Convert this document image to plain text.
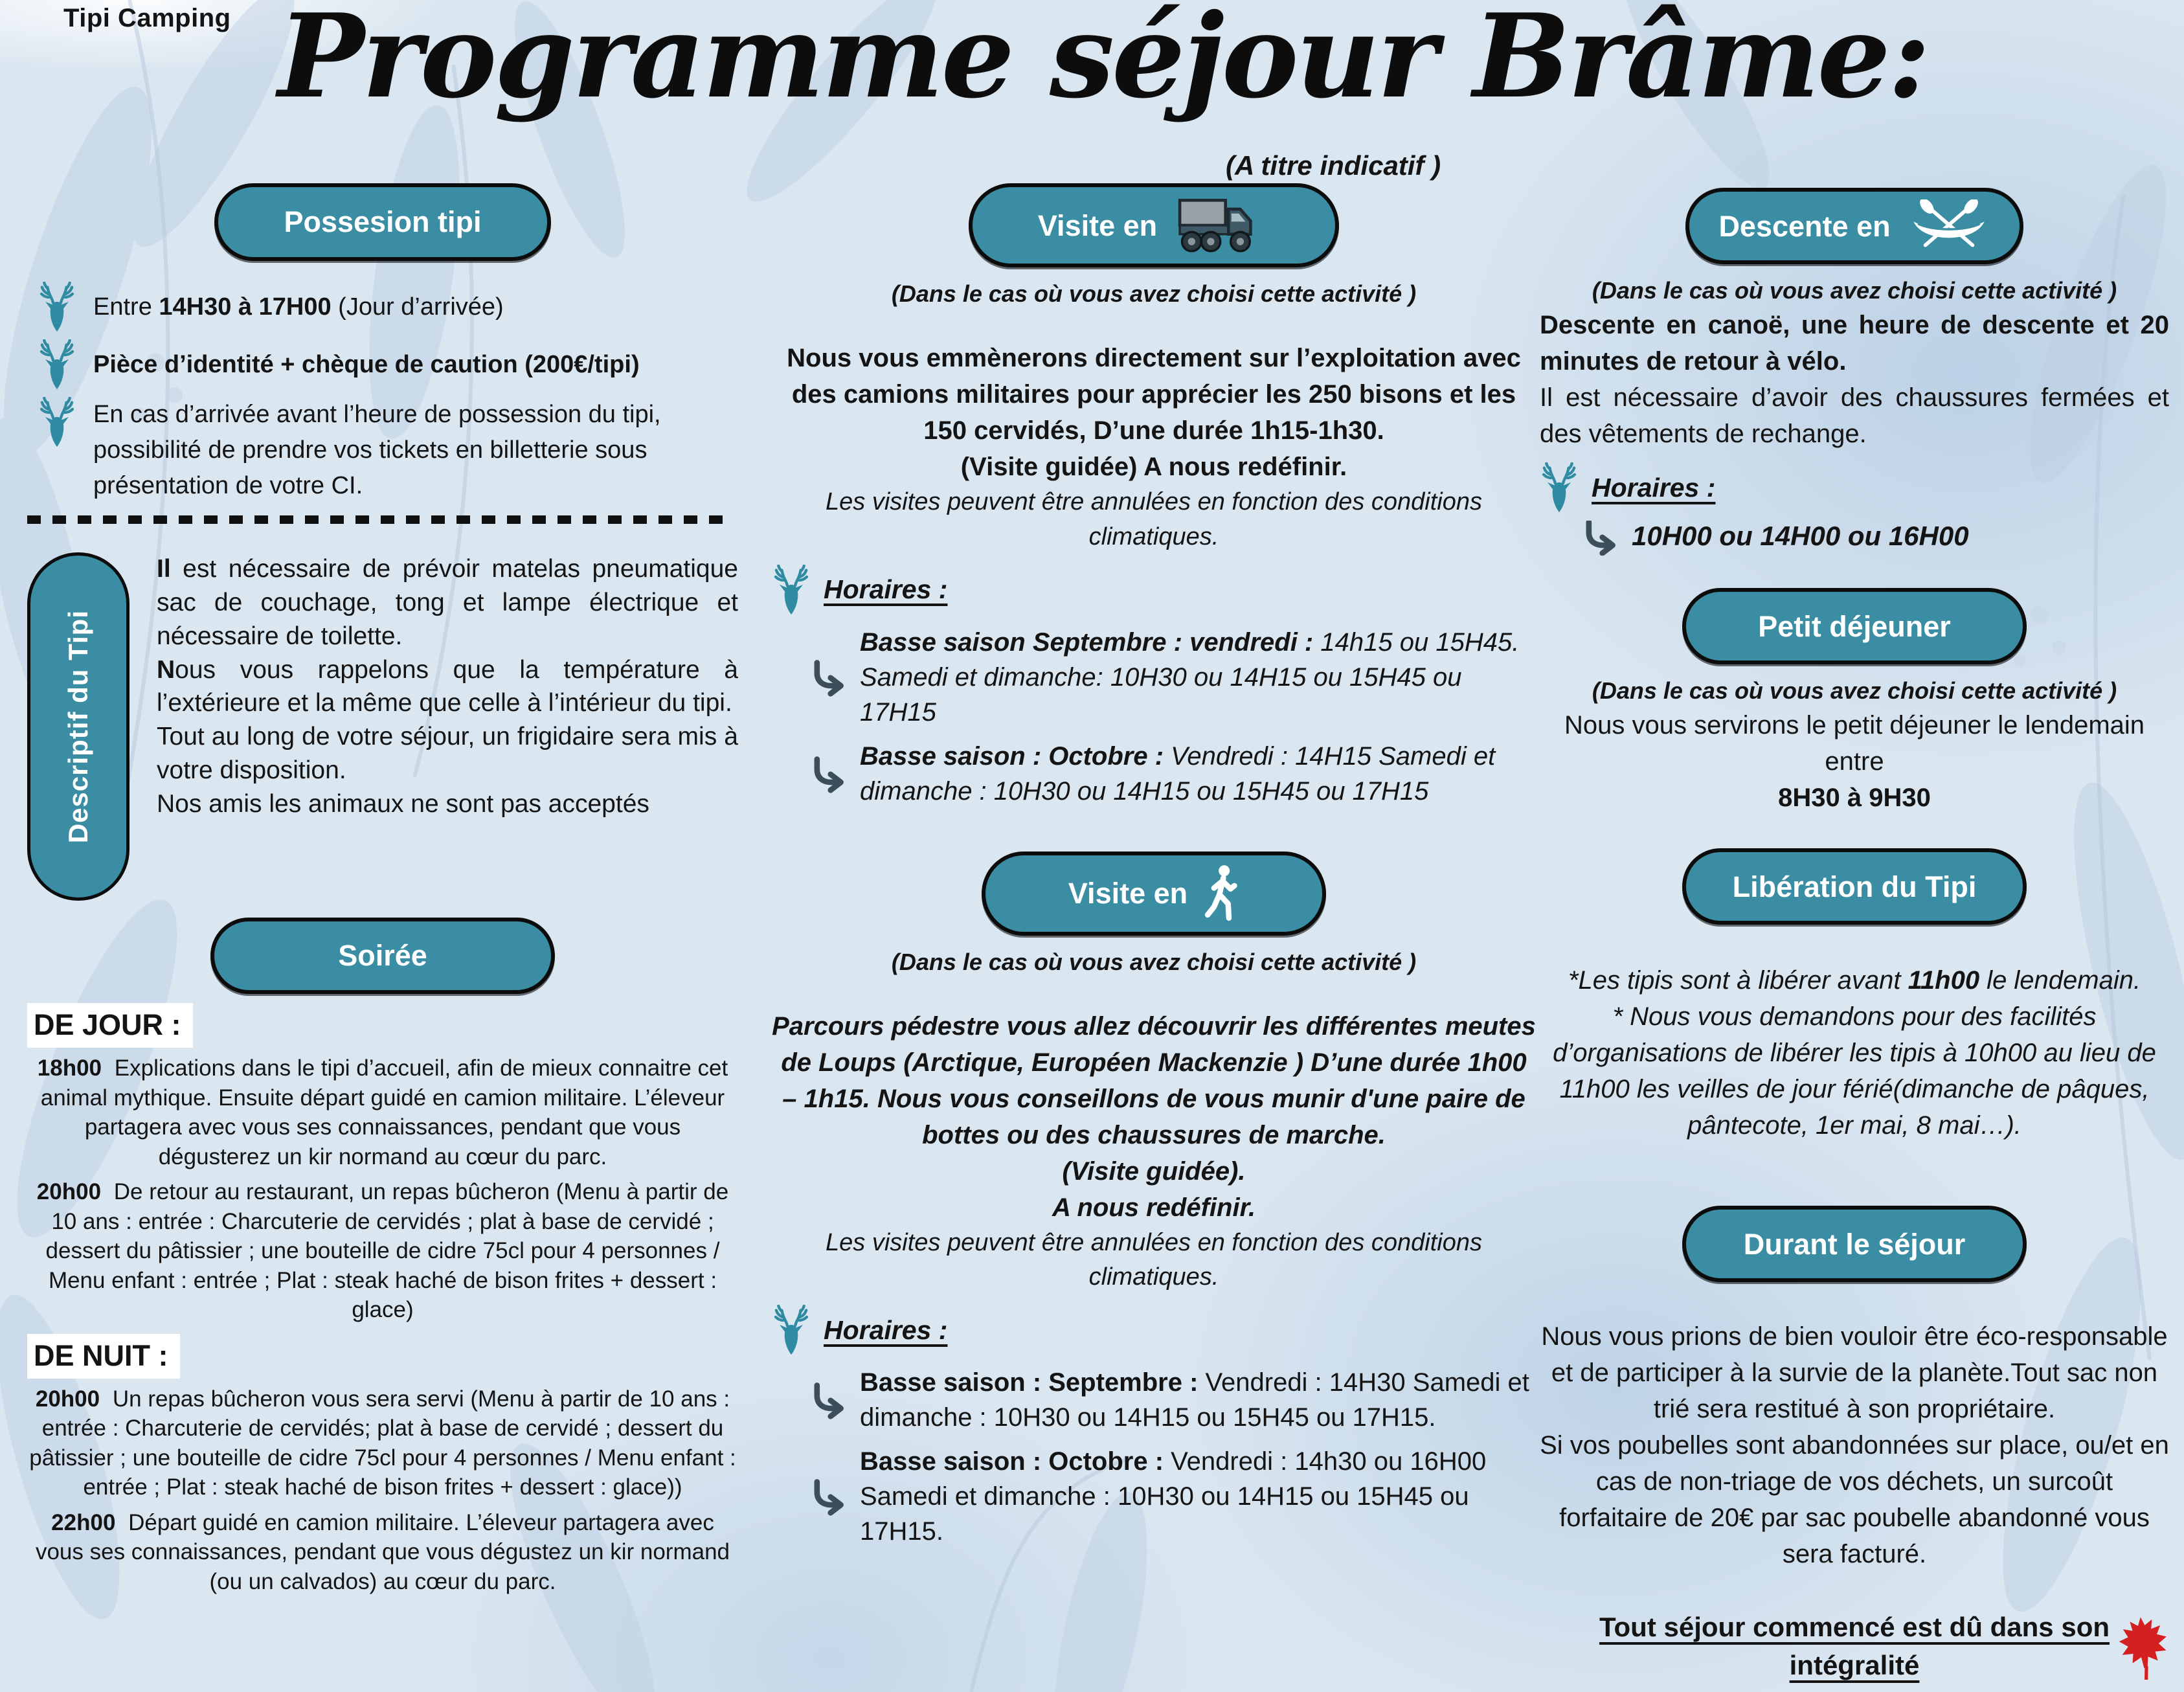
Tipi Camping Programme séjour Brâme:
(A titre indicatif )
Possesion tipi

Entre 14H30 à 17H00 (Jour d’arrivée)

Pièce d’identité + chèque de caution (200€/tipi)

En cas d’arrivée avant l’heure de possession du tipi, possibilité de prendre vos tickets en billetterie sous présentation de votre CI.

Descriptif du Tipi

Il est nécessaire de prévoir matelas pneumatique sac de couchage, tong et lampe électrique et nécessaire de toilette.

Nous vous rappelons que la température à l’extérieure et la même que celle à l’intérieur du tipi.

Tout au long de votre séjour, un frigidaire sera mis à votre disposition.

Nos amis les animaux ne sont pas acceptés

Soirée
DE JOUR :

18h00 Explications dans le tipi d’accueil, afin de mieux connaitre cet animal mythique. Ensuite départ guidé en camion militaire. L’éleveur partagera avec vous ses connaissances, pendant que vous dégusterez un kir normand au cœur du parc.

20h00 De retour au restaurant, un repas bûcheron (Menu à partir de 10 ans : entrée : Charcuterie de cervidés ; plat à base de cervidé ; dessert du pâtissier ; une bouteille de cidre 75cl pour 4 personnes / Menu enfant : entrée ; Plat : steak haché de bison frites + dessert : glace)

DE NUIT :

20h00 Un repas bûcheron vous sera servi (Menu à partir de 10 ans : entrée : Charcuterie de cervidés; plat à base de cervidé ; dessert du pâtissier ; une bouteille de cidre 75cl pour 4 personnes / Menu enfant : entrée ; Plat : steak haché de bison frites + dessert : glace))

22h00 Départ guidé en camion militaire. L’éleveur partagera avec vous ses connaissances, pendant que vous dégustez un kir normand (ou un calvados) au cœur du parc.

Visite en
(Dans le cas où vous avez choisi cette activité )

Nous vous emmènerons directement sur l’exploitation avec des camions militaires pour apprécier les 250 bisons et les 150 cervidés, D’une durée 1h15-1h30.

(Visite guidée) A nous redéfinir.

Les visites peuvent être annulées en fonction des conditions climatiques.

Horaires :

Basse saison Septembre : vendredi : 14h15 ou 15H45. Samedi et dimanche: 10H30 ou 14H15 ou 15H45 ou 17H15

Basse saison : Octobre : Vendredi : 14H15 Samedi et dimanche : 10H30 ou 14H15 ou 15H45 ou 17H15

Visite en
(Dans le cas où vous avez choisi cette activité )

Parcours pédestre vous allez découvrir les différentes meutes de Loups (Arctique, Européen Mackenzie ) D’une durée 1h00 – 1h15. Nous vous conseillons de vous munir d'une paire de bottes ou des chaussures de marche.

(Visite guidée).

A nous redéfinir.

Les visites peuvent être annulées en fonction des conditions climatiques.

Horaires :

Basse saison : Septembre : Vendredi : 14H30 Samedi et dimanche : 10H30 ou 14H15 ou 15H45 ou 17H15.

Basse saison : Octobre : Vendredi : 14h30 ou 16H00 Samedi et dimanche : 10H30 ou 14H15 ou 15H45 ou 17H15.

Descente en
(Dans le cas où vous avez choisi cette activité )

Descente en canoë, une heure de descente et 20 minutes de retour à vélo.

Il est nécessaire d’avoir des chaussures fermées et des vêtements de rechange.

Horaires :
10H00 ou 14H00 ou 16H00
Petit déjeuner
(Dans le cas où vous avez choisi cette activité )

Nous vous servirons le petit déjeuner le lendemain entre
8H30 à 9H30

Libération du Tipi

*Les tipis sont à libérer avant 11h00 le lendemain.

* Nous vous demandons pour des facilités d’organisations de libérer les tipis à 10h00 au lieu de 11h00 les veilles de jour férié(dimanche de pâques, pântecote, 1er mai, 8 mai…).

Durant le séjour

Nous vous prions de bien vouloir être éco-responsable et de participer à la survie de la planète.Tout sac non trié sera restitué à son propriétaire.

Si vos poubelles sont abandonnées sur place, ou/et en cas de non-triage de vos déchets, un surcoût forfaitaire de 20€ par sac poubelle abandonné vous sera facturé.

Tout séjour commencé est dû dans son intégralité
